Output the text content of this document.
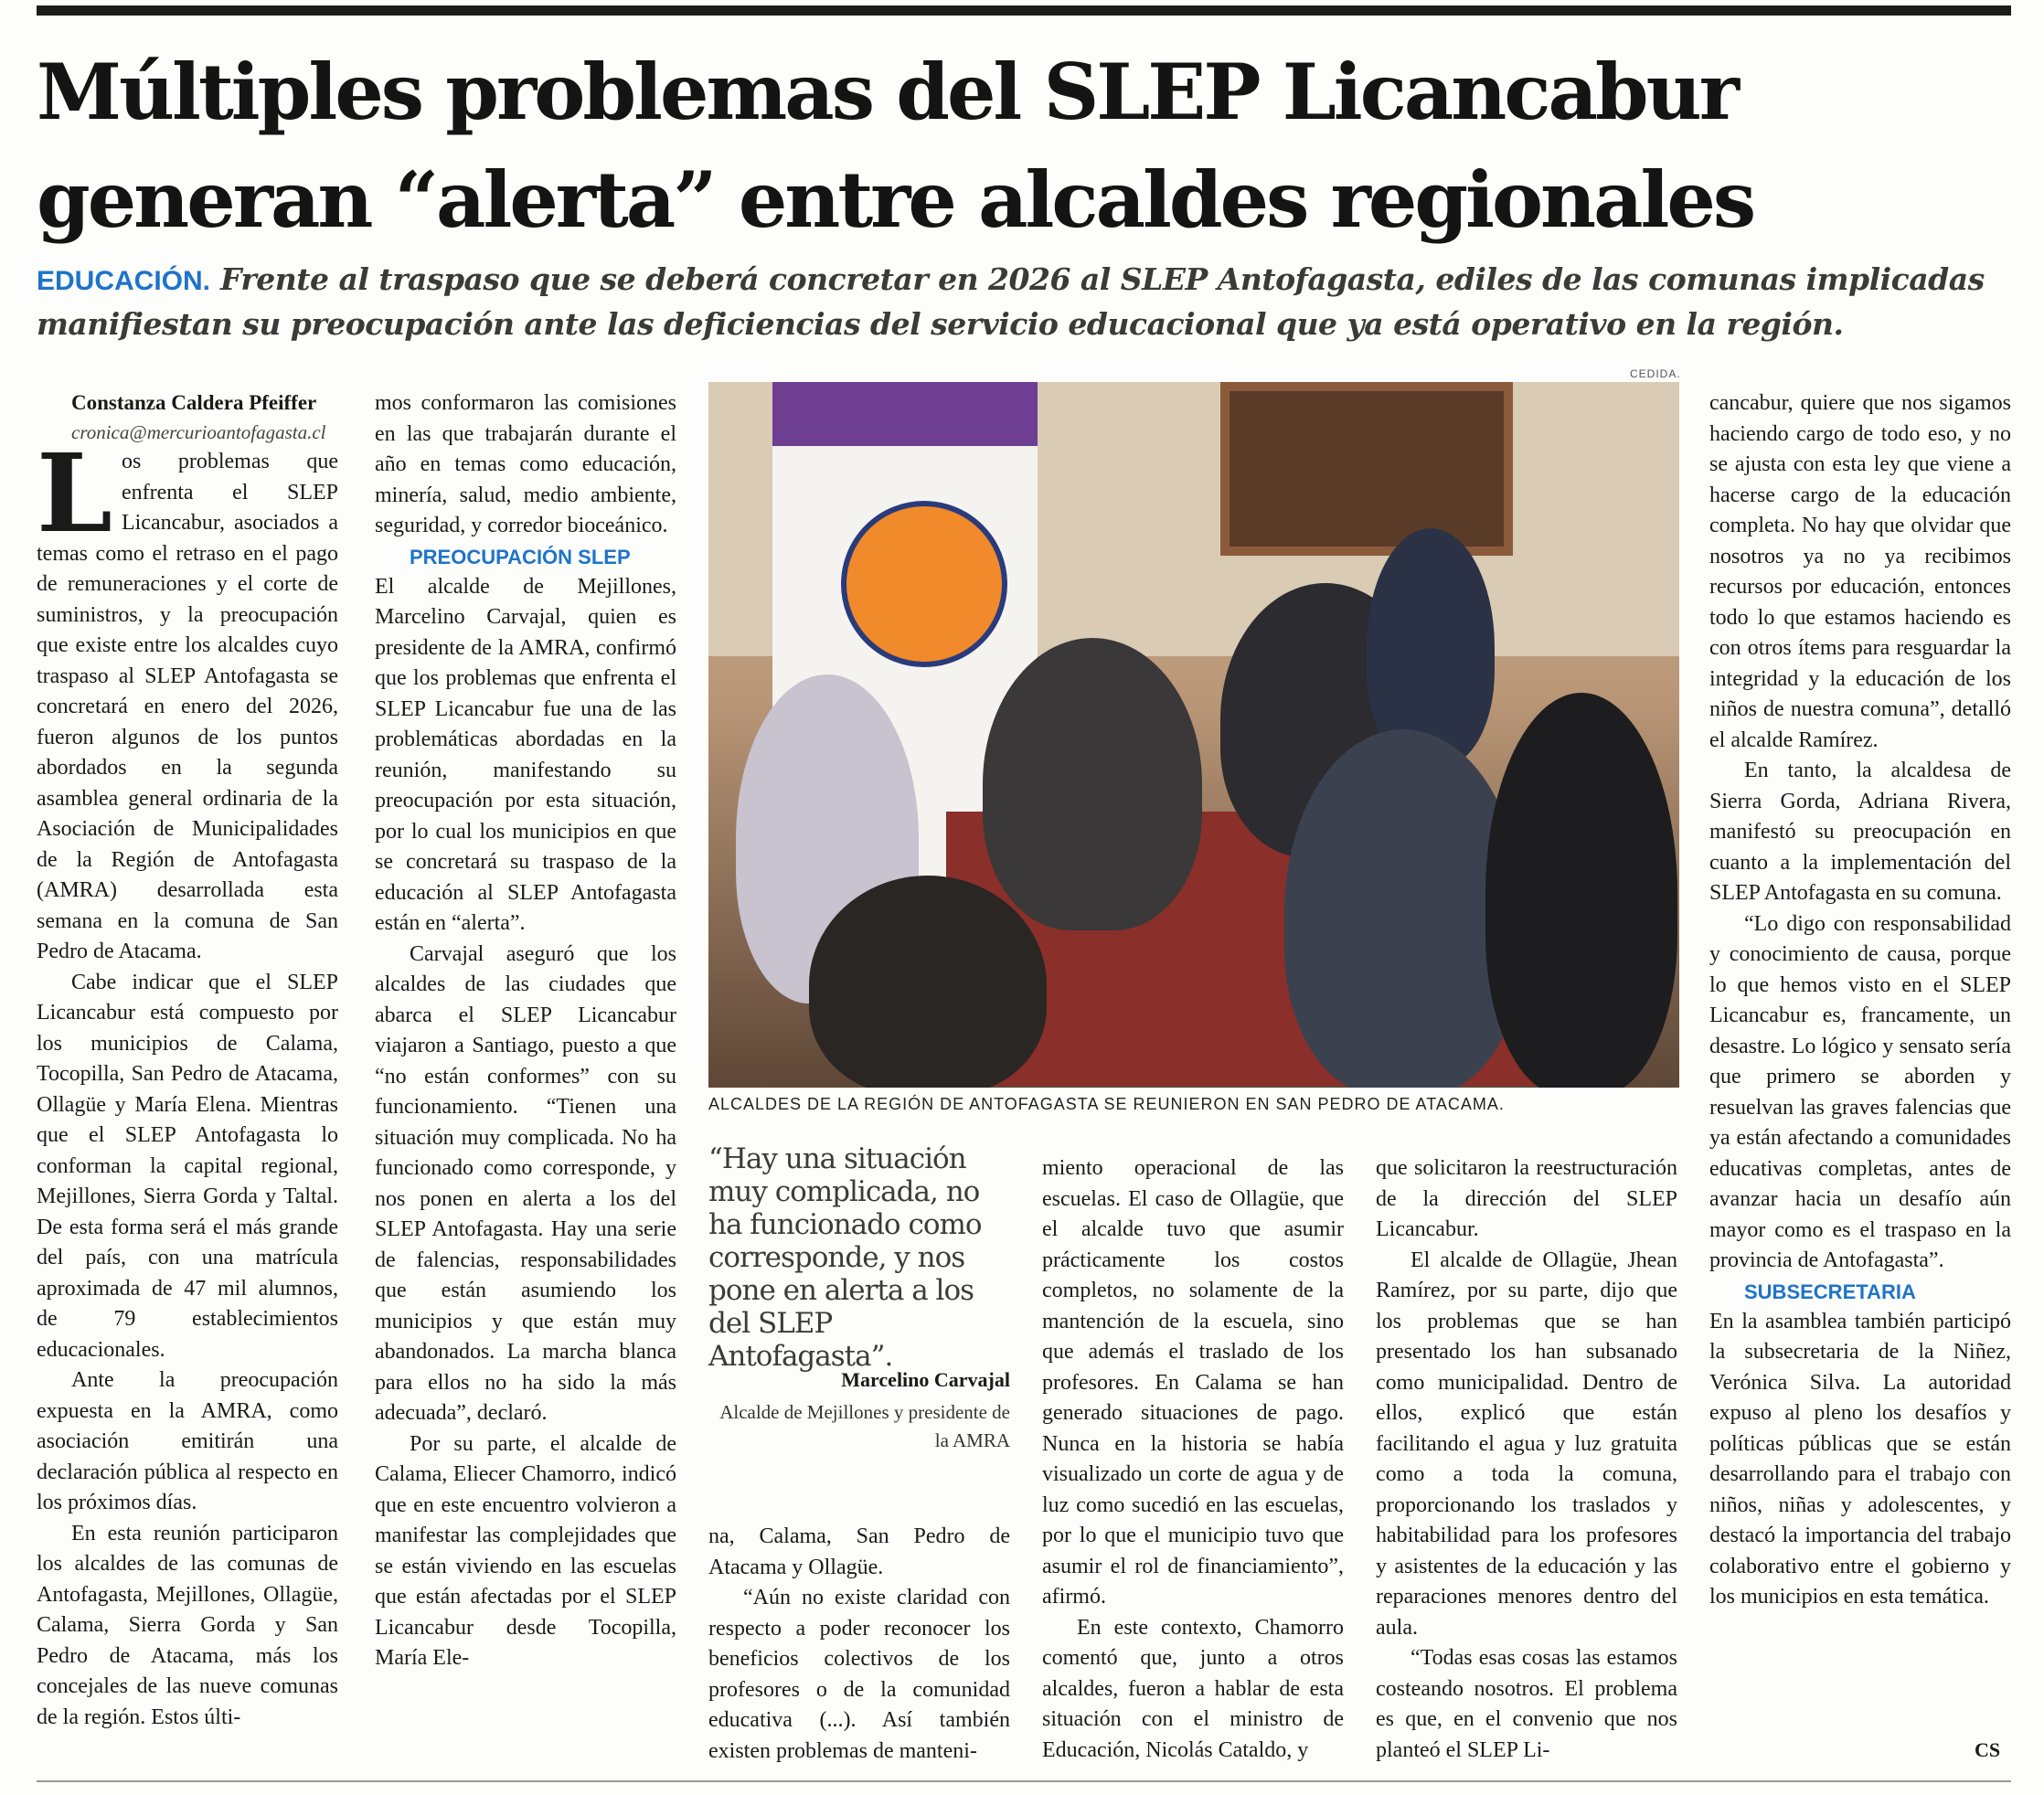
Múltiples problemas del SLEP Licancabur generan “alerta” entre alcaldes regionales

EDUCACIÓN. Frente al traspaso que se deberá concretar en 2026 al SLEP Antofagasta, ediles de las comunas implicadas manifiestan su preocupación ante las deficiencias del servicio educacional que ya está operativo en la región.

Constanza Caldera Pfeiffer

cronica@mercurioantofagasta.cl

Los problemas que enfrenta el SLEP Licancabur, asociados a temas como el retraso en el pago de remuneraciones y el corte de suministros, y la preocupación que existe entre los alcaldes cuyo traspaso al SLEP Antofagasta se concretará en enero del 2026, fueron algunos de los puntos abordados en la segunda asamblea general ordinaria de la Asociación de Municipalidades de la Región de Antofagasta (AMRA) desarrollada esta semana en la comuna de San Pedro de Atacama.

Cabe indicar que el SLEP Licancabur está compuesto por los municipios de Calama, Tocopilla, San Pedro de Atacama, Ollagüe y María Elena. Mientras que el SLEP Antofagasta lo conforman la capital regional, Mejillones, Sierra Gorda y Taltal. De esta forma será el más grande del país, con una matrícula aproximada de 47 mil alumnos, de 79 establecimientos educacionales.

Ante la preocupación expuesta en la AMRA, como asociación emitirán una declaración pública al respecto en los próximos días.

En esta reunión participaron los alcaldes de las comunas de Antofagasta, Mejillones, Ollagüe, Calama, Sierra Gorda y San Pedro de Atacama, más los concejales de las nueve comunas de la región. Estos últi-

mos conformaron las comisiones en las que trabajarán durante el año en temas como educación, minería, salud, medio ambiente, seguridad, y corredor bioceánico.

PREOCUPACIÓN SLEP

El alcalde de Mejillones, Marcelino Carvajal, quien es presidente de la AMRA, confirmó que los problemas que enfrenta el SLEP Licancabur fue una de las problemáticas abordadas en la reunión, manifestando su preocupación por esta situación, por lo cual los municipios en que se concretará su traspaso de la educación al SLEP Antofagasta están en “alerta”.

Carvajal aseguró que los alcaldes de las ciudades que abarca el SLEP Licancabur viajaron a Santiago, puesto a que “no están conformes” con su funcionamiento. “Tienen una situación muy complicada. No ha funcionado como corresponde, y nos ponen en alerta a los del SLEP Antofagasta. Hay una serie de falencias, responsabilidades que están asumiendo los municipios y que están muy abandonados. La marcha blanca para ellos no ha sido la más adecuada”, declaró.

Por su parte, el alcalde de Calama, Eliecer Chamorro, indicó que en este encuentro volvieron a manifestar las complejidades que se están viviendo en las escuelas que están afectadas por el SLEP Licancabur desde Tocopilla, María Ele-

CEDIDA.
ALCALDES DE LA REGIÓN DE ANTOFAGASTA SE REUNIERON EN SAN PEDRO DE ATACAMA.
“Hay una situación muy complicada, no ha funcionado como corresponde, y nos pone en alerta a los del SLEP Antofagasta”.
Marcelino Carvajal
Alcalde de Mejillones y presidente de la AMRA

na, Calama, San Pedro de Atacama y Ollagüe.

“Aún no existe claridad con respecto a poder reconocer los beneficios colectivos de los profesores o de la comunidad educativa (...). Así también existen problemas de manteni-

miento operacional de las escuelas. El caso de Ollagüe, que el alcalde tuvo que asumir prácticamente los costos completos, no solamente de la mantención de la escuela, sino que además el traslado de los profesores. En Calama se han generado situaciones de pago. Nunca en la historia se había visualizado un corte de agua y de luz como sucedió en las escuelas, por lo que el municipio tuvo que asumir el rol de financiamiento”, afirmó.

En este contexto, Chamorro comentó que, junto a otros alcaldes, fueron a hablar de esta situación con el ministro de Educación, Nicolás Cataldo, y

que solicitaron la reestructuración de la dirección del SLEP Licancabur.

El alcalde de Ollagüe, Jhean Ramírez, por su parte, dijo que los problemas que se han presentado los han subsanado como municipalidad. Dentro de ellos, explicó que están facilitando el agua y luz gratuita como a toda la comuna, proporcionando los traslados y habitabilidad para los profesores y asistentes de la educación y las reparaciones menores dentro del aula.

“Todas esas cosas las estamos costeando nosotros. El problema es que, en el convenio que nos planteó el SLEP Li-

cancabur, quiere que nos sigamos haciendo cargo de todo eso, y no se ajusta con esta ley que viene a hacerse cargo de la educación completa. No hay que olvidar que nosotros ya no ya recibimos recursos por educación, entonces todo lo que estamos haciendo es con otros ítems para resguardar la integridad y la educación de los niños de nuestra comuna”, detalló el alcalde Ramírez.

En tanto, la alcaldesa de Sierra Gorda, Adriana Rivera, manifestó su preocupación en cuanto a la implementación del SLEP Antofagasta en su comuna.

“Lo digo con responsabilidad y conocimiento de causa, porque lo que hemos visto en el SLEP Licancabur es, francamente, un desastre. Lo lógico y sensato sería que primero se aborden y resuelvan las graves falencias que ya están afectando a comunidades educativas completas, antes de avanzar hacia un desafío aún mayor como es el traspaso en la provincia de Antofagasta”.

SUBSECRETARIA

En la asamblea también participó la subsecretaria de la Niñez, Verónica Silva. La autoridad expuso al pleno los desafíos y políticas públicas que se están desarrollando para el trabajo con niños, niñas y adolescentes, y destacó la importancia del trabajo colaborativo entre el gobierno y los municipios en esta temática.

CS
